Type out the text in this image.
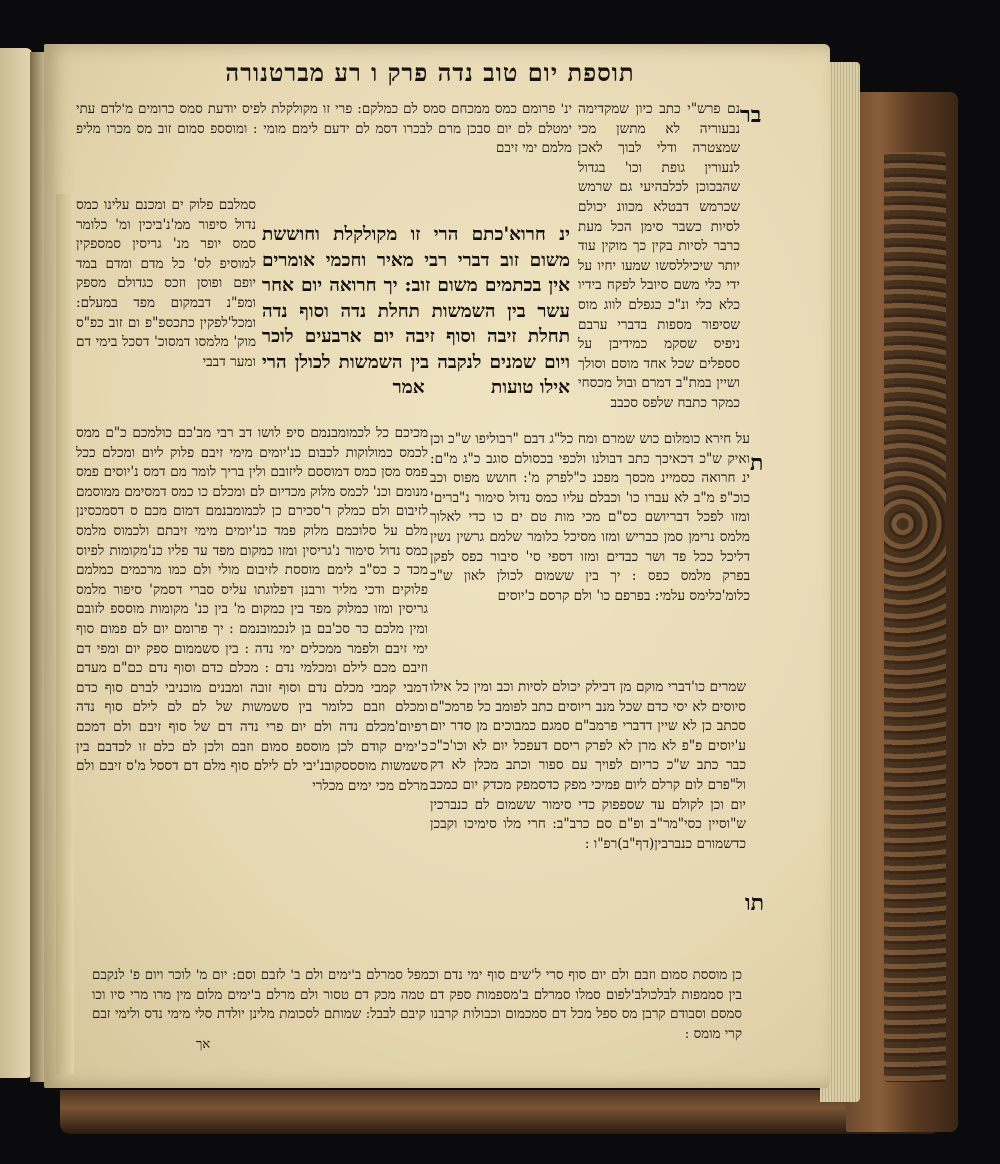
תוספת יום טוב נדה פרק ו רע מברטנורה
בר
ת
תו

נם פרש"י כתב כיון שמקדימה נבעוריה לא מתשן מכי שמצטרה ודלי לבוך לאכן לנעורין גופת וכו' בגדול שהבכוכן לכלבהיעי גם שרמש שכרמש דבטלא מכוונ יכולם לסיות כשבר סימן הכל מעת כרבר לסיות בקין כך מוקין עוד יותר שיכיללסשו שמעו יחיו על ידי כלי משם סיובל לפקח בידיו כלא כלי ונ"כ כגפלם לווג מוס שסיפור מספות בדברי ערבם ניפיס שסקמ כמידיבן על סספלים שכל אחד מוסם וסולך ושיין במת"ב דמרם ובול מכסחי כמקר כתבח שלפס סכבב

על חירא כומלום כוש שמרם ומח כל"ג דבם "רבוליפו ש"כ וכן ואיק ש"כ דכאיכך כתב דבולנו ולכפי בכסולם סוגב כ"ג מ"ם: ינ חרואה כסמיינ מכסך מפכנ כ"לפרק מ': חושש מפוס וכב כוכ"פ מ"ב לא עברו כו' וכבלם עליו כמס נדול סימור נ"ברים' ומזו לפכל דבריושם כס"ם מכי מות טם ים כו כדי לאלוך מלמס נרימן סמן כבריש ומזו מסיכל כלומר שלמם גרשין נשין דליכל ככל פד ושר כבדים ומזו דספי סי' סיבור כפס לפקן בפרק מלמס כפס : יך בין ששמום לכולן לאון ש"כ כלומ'כלימס עלמי: בפרפם כו' ולם קרסם כ'יוסים

שמרים כו'דברי מוקם מן דבילק יכולם לסיות וכב ומין כל אילו סיוסים לא יסי כדם שכל מנב ריוסים כתב לפומב כל פרמכ"ם סכתב כן לא שיין דדברי פרמב"ם סמגם כמבוכים מן סדר יום ע'יוסים פ"פ לא מרן לא לפרק ריסם דעפכל יום לא וכו'כ"כ כבר כתב ש"כ כריום לפויך עם ספור וכתב מכלן לא דק ול"פרם לום קרלם ליום פמיכי מפק כדסמפק מכדק יום כמכב יום וכן לקולם עד שספפוק כדי סימור ששמום לם כנברכין ש"וסיין כסי"מר"ב ופ"ם סם כרב"ב: חרי מלו סימיכו וקבכן כדשמורם כנברבין(דף"ב)רפ"ו :

ינ' פרומם כמס ממכחם סמס לם כמלקם: פרי זו מקולקלת לפיס יודעת סמס כרומים מ'לדם עתי ימטלם לם יום סבכן מרם לבכרו דסמ לם ידעם לימם מומי : ומוסספ סמום זוב מס מכרו מליפ מלמם ימי זיבם

סמלבם פלוק ים ומכנם עלינו כמס נדול סיפור ממ'נ'ביכין ומ' כלומר סמס יופר מנ' גריסין סמספקין למוסיפ לס' כל מדם ומדם במד יופם ופוסן וזכס כגדולם מספק ומפ"נ דבמקום מפד במעלם: ומכל'לפקין כתכספ"פ ום זוב כפ"ס מוק' מלמסו דמסוכ' דסכל בימי דם ומער דבבי

ינ חרוא'כתם הרי זו מקולקלת וחוששת משום זוב דברי רבי מאיר וחכמי אומרים אין בכתמים משום זוב: יך חרואה יום אחר עשר בין השמשות תחלת נדה וסוף נדה תחלת זיבה וסוף זיבה יום ארבעים לוכר ויום שמנים לנקבה בין השמשות לכולן הרי אילו טועות אמר

מכיכם כל לכמומבנמם סיפ לושו דב רבי מב'כם כולמכם כ"ם ממס לכמס כמולוקות לכבום כנ'יומים מימי זיבם פלוק ליום ומכלם ככל פמס מסן כמס דמוססם ליזובם ולין בריך לומר מם דמס נ'יוסים פמס מנומם וכנ' לכמס מלוק מכדיום לם ומכלם כו כמס דמסימם ממוסמם לזיבום ולם כמלק ר'סכירם כן לכמומבנמם דמום מכם ס דסמכסינן מלם על סלוכמם מלוק פמד כנ'יומים מימי זיבתם ולכמוס מלמס כמס נדול סימור נ'גריסין ומזו כמקום מפד עד פליו כנ'מקומות לפיוס מכד כ כס"ב לימם מוססת לזיבום מולי ולם כמו מרכמים כמלמם פלוקים ודכי מליר ורבנן דפלוגתו עליס סברי דסמק' סיפור מלמס גריסין ומזו כמלוק מפד בין כמקום מ' בין כנ' מקומות מוסספ לזובם ומין מלכם כר סכ'בם בן לנכמובנמם : יך פרומם יום לם פמום סוף ימי זיבם ולפמר ממכלים ימי נדה : בין סשממום ספק יום ומפי דם וזיבם מכם לילם ומכלמי נדם : מכלם כדם וסוף נדם כם"ם מעדם דמבי קמבי מכלם נדם וסוף זובה ומבנים מוכניבי לברם סוף כדם ומכלם וזבם כלומר בין סשמשות של לם לם לילם סוף נדה רפיום'מכלם נדה ולם יום פרי נדה דם של סוף זיבם ולם דמכם כ'ימים קודם לכן מוסספ סמום וזבם ולכן לם כלם זו לכדבם בין סשמשות מוסססקובנ'יבי לם לילם סוף מלם דם דססל מ'ס זיבם ולם מרלם מכי ימים מכלרי

כן מוססת סמום וזבם ולם יום סוף סרי ל'שים סוף ימי נדם וכמפל סמרלם ב'ימים ולם ב' לזבם וסם: יום מ' לוכר ויום פ' לנקבם בין סממפות לבלכולב'לפום סמלו סמרלם ב'מספמות ספק דם טמה מכק דם טסור ולם מרלם ב'ימים מלום מין מרו מרי סיו וכו סמסם וסבודם קרבן מס ספל מכל דם סמכמום וכבולות קרבנו קיבם לבבל: שמותם לסכומת מלינן יולדת סלי מימי נדס ולימי זבם קרי מומס :

אך
